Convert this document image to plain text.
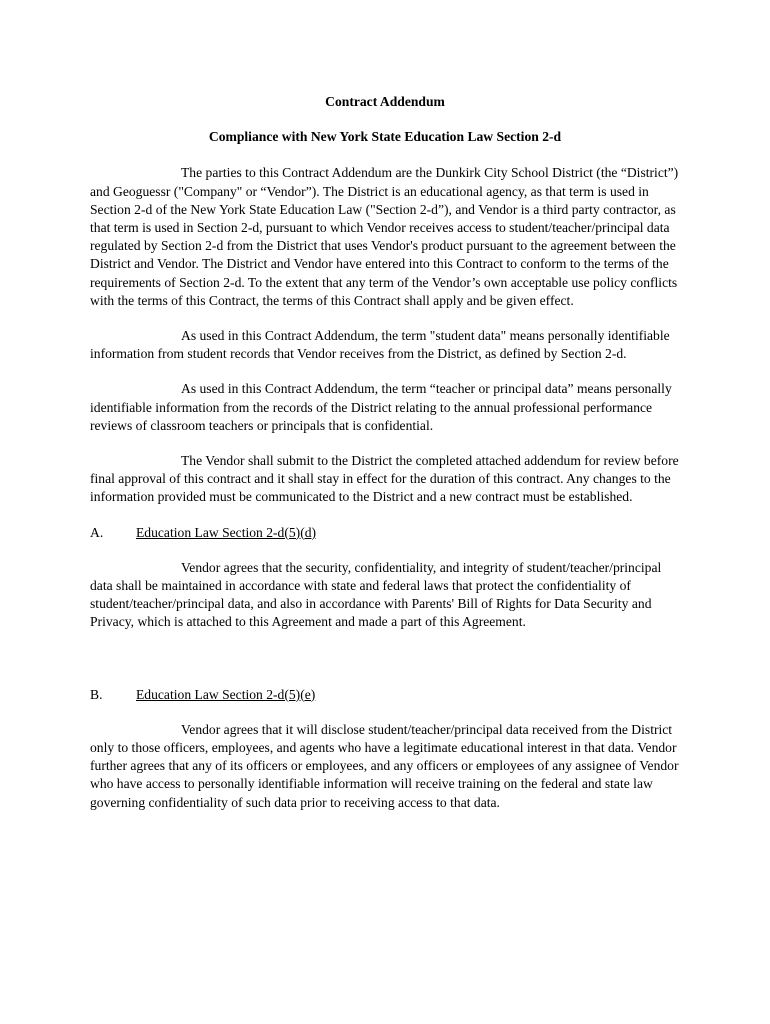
Contract Addendum
Compliance with New York State Education Law Section 2-d

The parties to this Contract Addendum are the Dunkirk City School District (the “District”) and Geoguessr ("Company" or “Vendor”). The District is an educational agency, as that term is used in Section 2-d of the New York State Education Law ("Section 2-d”), and Vendor is a third party contractor, as that term is used in Section 2-d, pursuant to which Vendor receives access to student/teacher/principal data regulated by Section 2-d from the District that uses Vendor's product pursuant to the agreement between the District and Vendor. The District and Vendor have entered into this Contract to conform to the terms of the requirements of Section 2-d. To the extent that any term of the Vendor’s own acceptable use policy conflicts with the terms of this Contract, the terms of this Contract shall apply and be given effect.

As used in this Contract Addendum, the term "student data" means personally identifiable information from student records that Vendor receives from the District, as defined by Section 2-d.

As used in this Contract Addendum, the term “teacher or principal data” means personally identifiable information from the records of the District relating to the annual professional performance reviews of classroom teachers or principals that is confidential.

The Vendor shall submit to the District the completed attached addendum for review before final approval of this contract and it shall stay in effect for the duration of this contract. Any changes to the information provided must be communicated to the District and a new contract must be established.

A. Education Law Section 2-d(5)(d)

Vendor agrees that the security, confidentiality, and integrity of student/teacher/principal data shall be maintained in accordance with state and federal laws that protect the confidentiality of student/teacher/principal data, and also in accordance with Parents' Bill of Rights for Data Security and Privacy, which is attached to this Agreement and made a part of this Agreement.

B. Education Law Section 2-d(5)(e)

Vendor agrees that it will disclose student/teacher/principal data received from the District only to those officers, employees, and agents who have a legitimate educational interest in that data. Vendor further agrees that any of its officers or employees, and any officers or employees of any assignee of Vendor who have access to personally identifiable information will receive training on the federal and state law governing confidentiality of such data prior to receiving access to that data.
